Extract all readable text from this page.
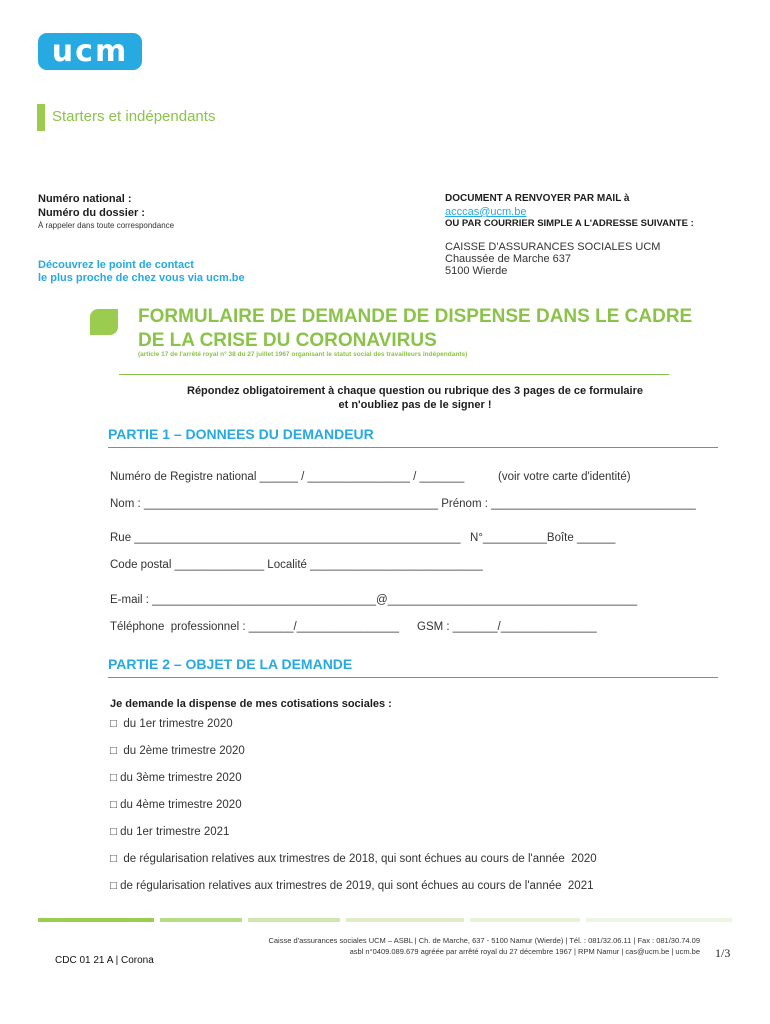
ucm
Starters et indépendants
Numéro national :
Numéro du dossier :
À rappeler dans toute correspondance
Découvrez le point de contact
le plus proche de chez vous via ucm.be
DOCUMENT A RENVOYER PAR MAIL à
acccas@ucm.be
OU PAR COURRIER SIMPLE A L'ADRESSE SUIVANTE :
CAISSE D'ASSURANCES SOCIALES UCM
Chaussée de Marche 637
5100 Wierde
FORMULAIRE DE DEMANDE DE DISPENSE DANS LE CADRE
DE LA CRISE DU CORONAVIRUS
(article 17 de l'arrêté royal n° 38 du 27 juillet 1967 organisant le statut social des travailleurs indépendants)
Répondez obligatoirement à chaque question ou rubrique des 3 pages de ce formulaire
et n'oubliez pas de le signer !
PARTIE 1 – DONNEES DU DEMANDEUR
Numéro de Registre national ______ / ________________ / _______	(voir votre carte d'identité)
Nom : ______________________________________________ Prénom : ________________________________
Rue ___________________________________________________   N°__________Boîte ______
Code postal ______________ Localité ___________________________
E-mail : ___________________________________@_______________________________________
Téléphone  professionnel : _______/________________ GSM : _______/_______________
PARTIE 2 – OBJET DE LA DEMANDE
Je demande la dispense de mes cotisations sociales :
□  du 1er trimestre 2020
□  du 2ème trimestre 2020
□ du 3ème trimestre 2020
□ du 4ème trimestre 2020
□ du 1er trimestre 2021
□  de régularisation relatives aux trimestres de 2018, qui sont échues au cours de l'année  2020
□ de régularisation relatives aux trimestres de 2019, qui sont échues au cours de l'année  2021
Caisse d'assurances sociales UCM – ASBL | Ch. de Marche, 637 - 5100 Namur (Wierde) | Tél. : 081/32.06.11 | Fax : 081/30.74.09
asbl n°0409.089.679 agréée par arrêté royal du 27 décembre 1967 | RPM Namur | cas@ucm.be | ucm.be
CDC 01 21 A | Corona
1/3
